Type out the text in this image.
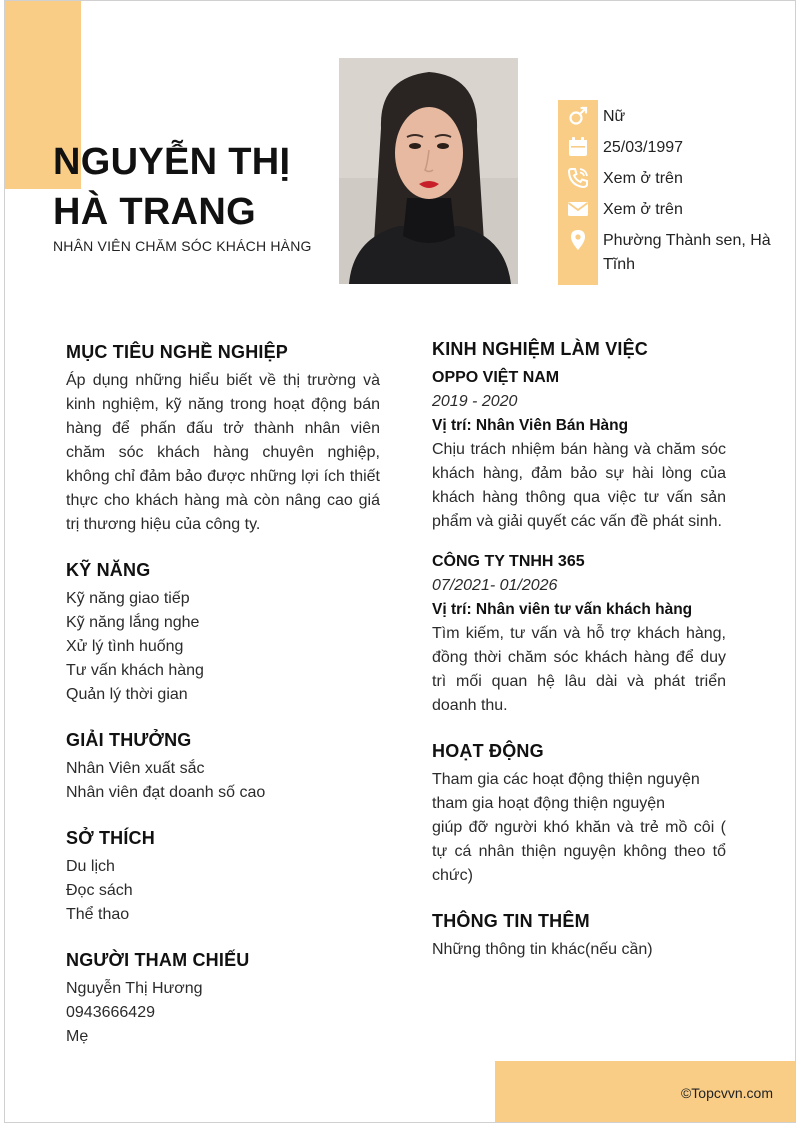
NGUYỄN THỊ
HÀ TRANG
NHÂN VIÊN CHĂM SÓC KHÁCH HÀNG
Nữ
25/03/1997
Xem ở trên
Xem ở trên
Phường Thành sen, Hà Tĩnh
MỤC TIÊU NGHỀ NGHIỆP
Áp dụng những hiểu biết về thị trường và kinh nghiệm, kỹ năng trong hoạt động bán hàng để phấn đấu trở thành nhân viên chăm sóc khách hàng chuyên nghiệp, không chỉ đảm bảo được những lợi ích thiết thực cho khách hàng mà còn nâng cao giá trị thương hiệu của công ty.
KỸ NĂNG
Kỹ năng giao tiếp
Kỹ năng lắng nghe
Xử lý tình huống
Tư vấn khách hàng
Quản lý thời gian
GIẢI THƯỞNG
Nhân Viên xuất sắc
Nhân viên đạt doanh số cao
SỞ THÍCH
Du lịch
Đọc sách
Thể thao
NGƯỜI THAM CHIẾU
Nguyễn Thị Hương
0943666429
Mẹ
KINH NGHIỆM LÀM VIỆC
OPPO VIỆT NAM
2019 - 2020
Vị trí: Nhân Viên Bán Hàng
Chịu trách nhiệm bán hàng và chăm sóc khách hàng, đảm bảo sự hài lòng của khách hàng thông qua việc tư vấn sản phẩm và giải quyết các vấn đề phát sinh.
CÔNG TY TNHH 365
07/2021- 01/2026
Vị trí: Nhân viên tư vấn khách hàng
Tìm kiếm, tư vấn và hỗ trợ khách hàng, đồng thời chăm sóc khách hàng để duy trì mối quan hệ lâu dài và phát triển doanh thu.
HOẠT ĐỘNG
Tham gia các hoạt động thiện nguyện
tham gia hoạt động thiện nguyện
giúp đỡ người khó khăn và trẻ mồ côi ( tự cá nhân thiện nguyện không theo tổ chức)
THÔNG TIN THÊM
Những thông tin khác(nếu cần)
©Topcvvn.com
